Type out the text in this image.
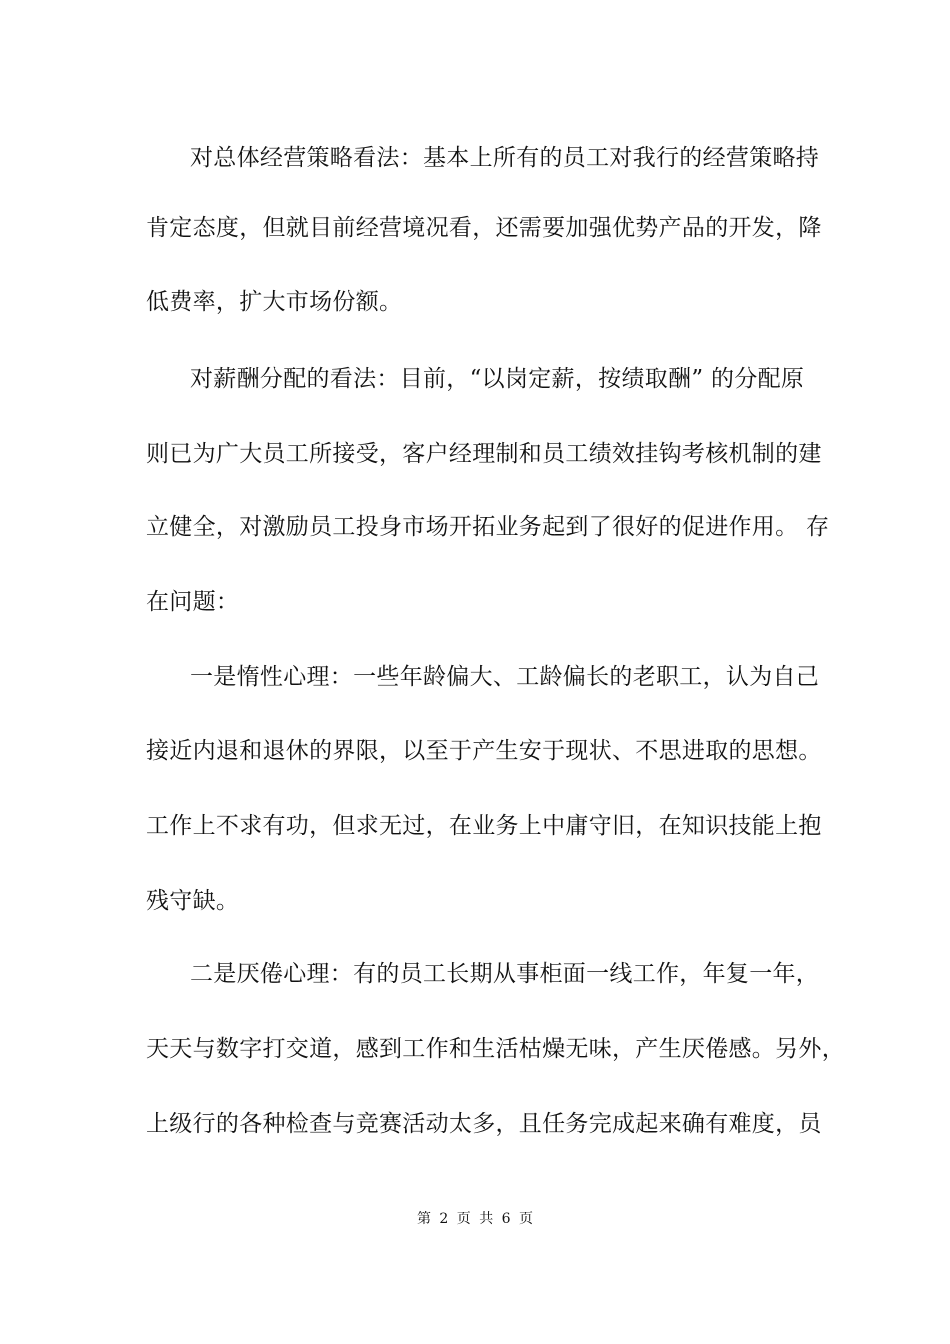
对总体经营策略看法：基本上所有的员工对我行的经营策略持

肯定态度，但就目前经营境况看，还需要加强优势产品的开发，降

低费率，扩大市场份额。

对薪酬分配的看法：目前，“以岗定薪，按绩取酬” 的分配原

则已为广大员工所接受，客户经理制和员工绩效挂钩考核机制的建

立健全，对激励员工投身市场开拓业务起到了很好的促进作用。 存

在问题：

一是惰性心理：一些年龄偏大、工龄偏长的老职工，认为自己

接近内退和退休的界限，以至于产生安于现状、不思进取的思想。

工作上不求有功，但求无过，在业务上中庸守旧，在知识技能上抱

残守缺。

二是厌倦心理：有的员工长期从事柜面一线工作，年复一年，

天天与数字打交道，感到工作和生活枯燥无味，产生厌倦感。另外，

上级行的各种检查与竞赛活动太多，且任务完成起来确有难度，员

第 2 页 共 6 页
